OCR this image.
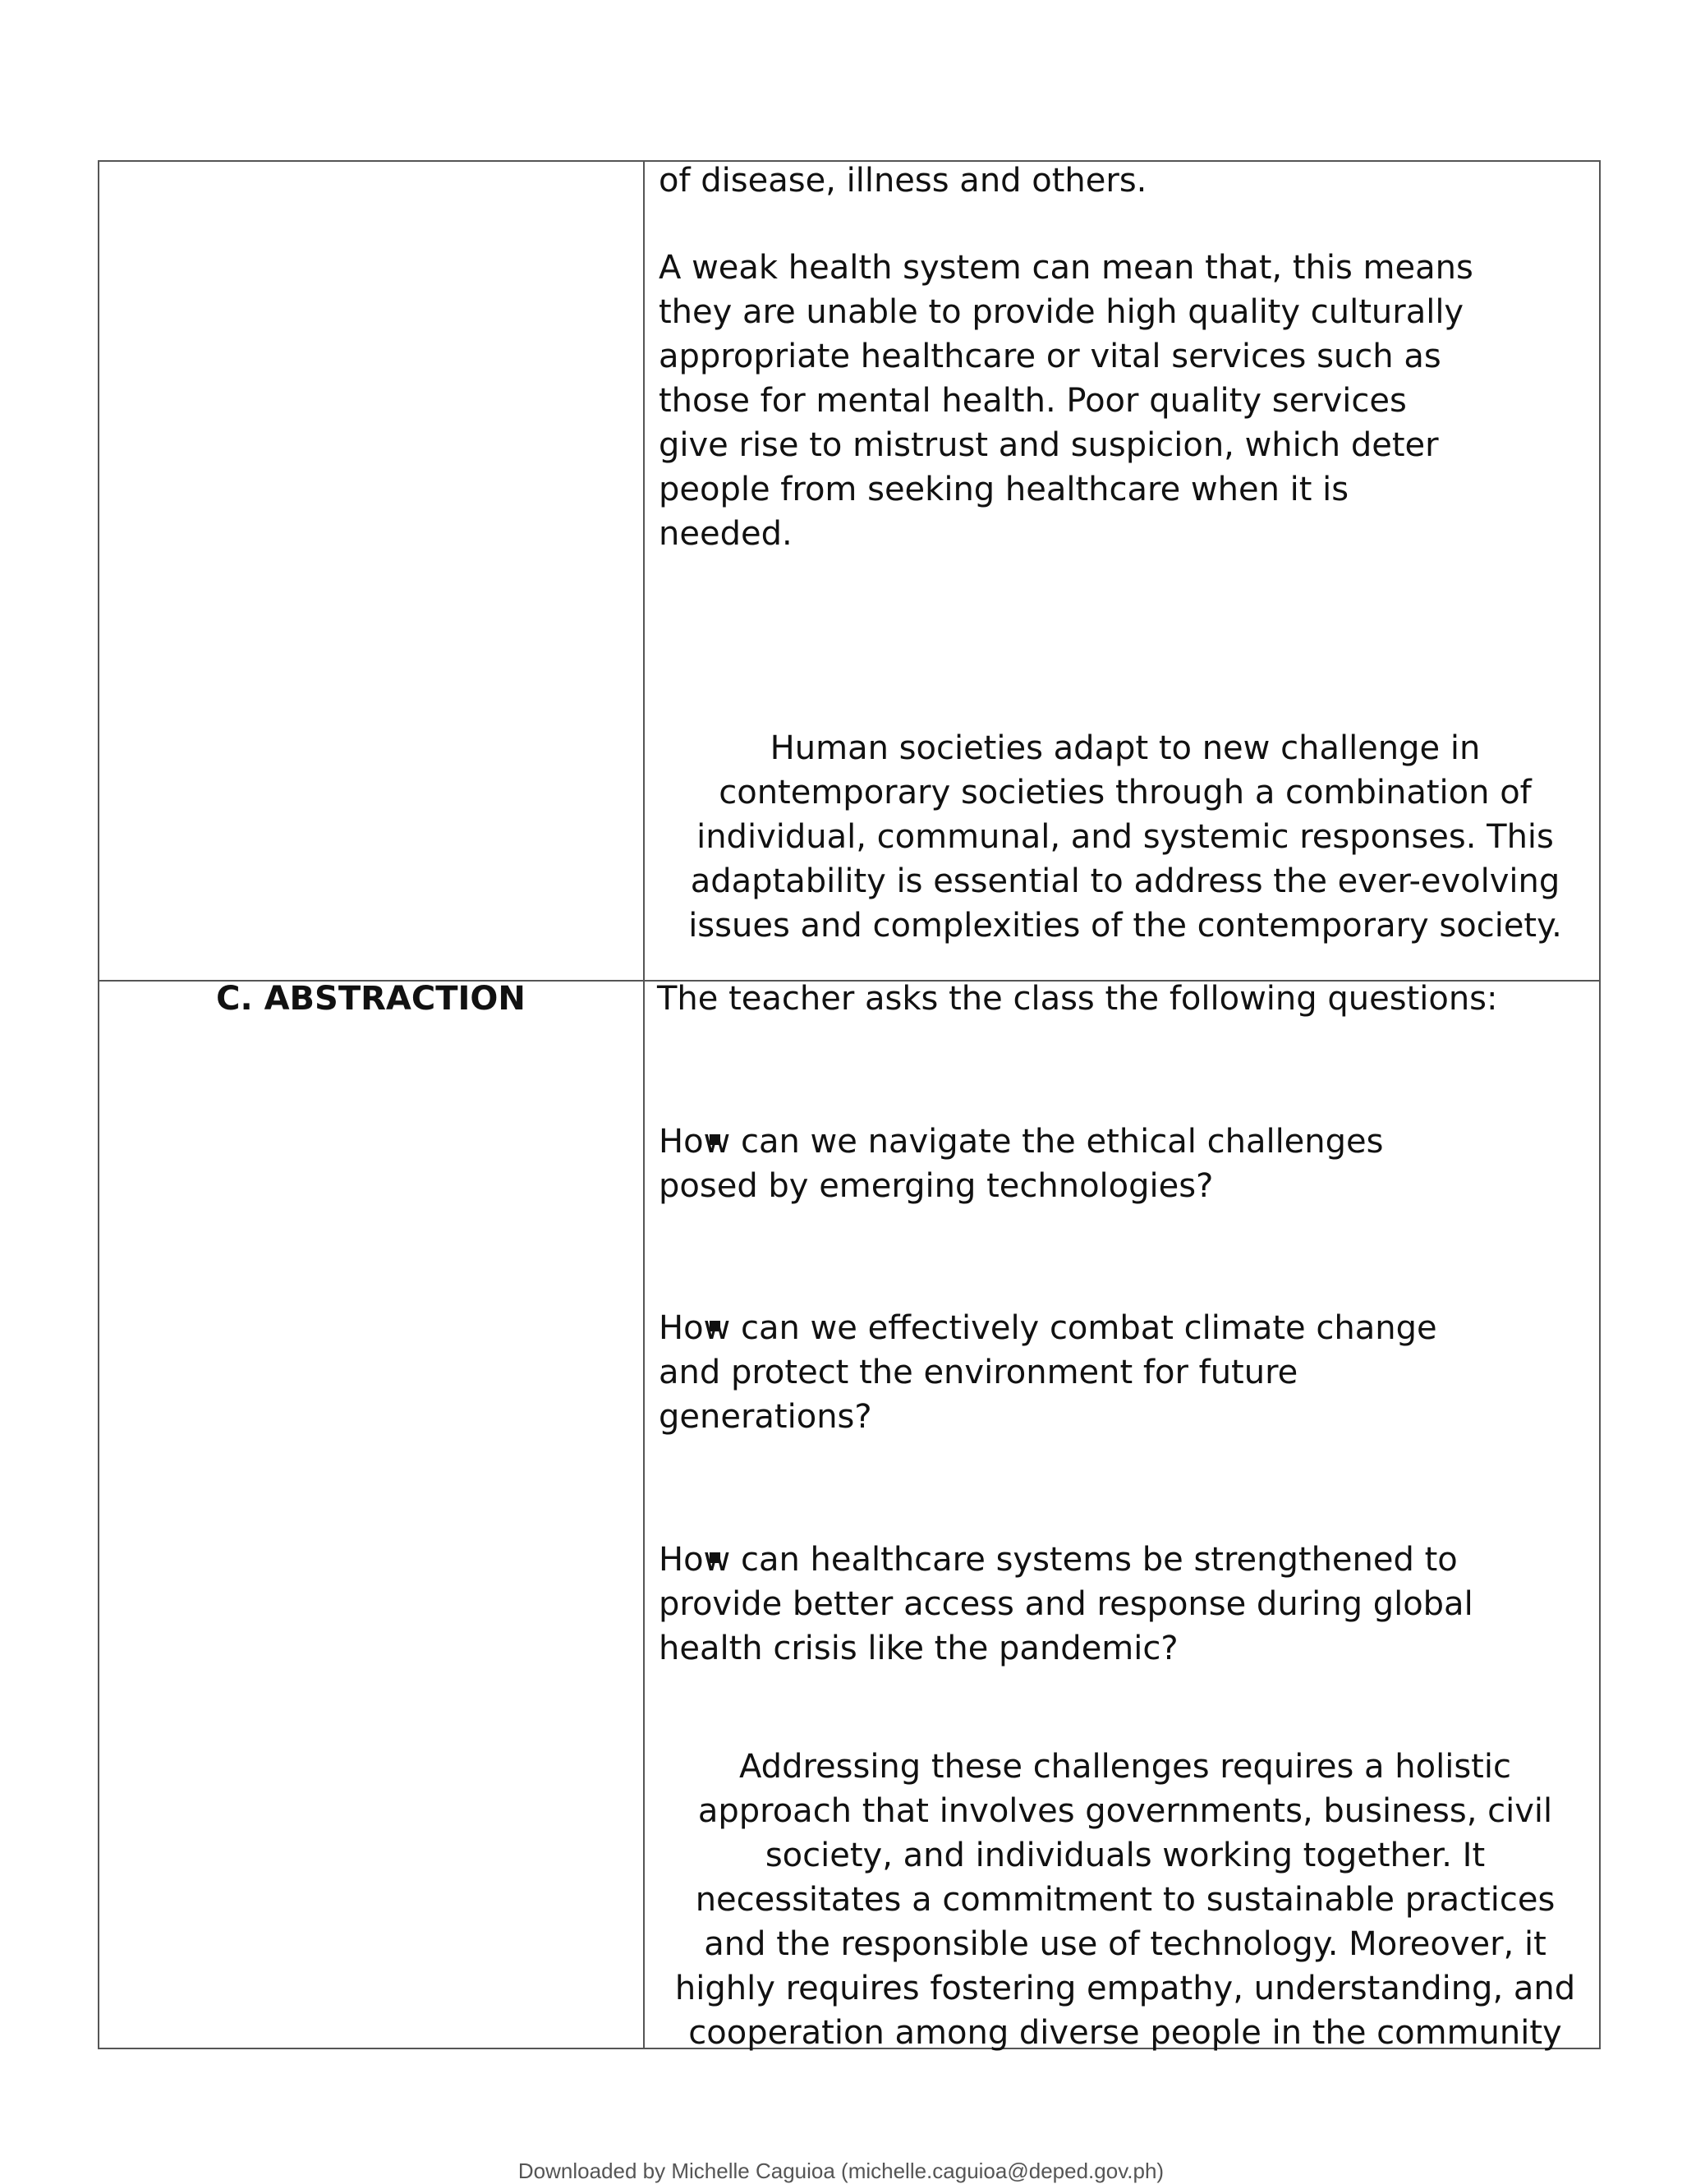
of disease, illness and others.
A weak health system can mean that, this means
they are unable to provide high quality culturally
appropriate healthcare or vital services such as
those for mental health. Poor quality services
give rise to mistrust and suspicion, which deter
people from seeking healthcare when it is
needed.
Human societies adapt to new challenge in
contemporary societies through a combination of
individual, communal, and systemic responses. This
adaptability is essential to address the ever-evolving
issues and complexities of the contemporary society.
C. ABSTRACTION	The teacher asks the class the following questions:
How can we navigate the ethical challenges
posed by emerging technologies?
How can we effectively combat climate change
and protect the environment for future
generations?
How can healthcare systems be strengthened to
provide better access and response during global
health crisis like the pandemic?
Addressing these challenges requires a holistic
approach that involves governments, business, civil
society, and individuals working together. It
necessitates a commitment to sustainable practices
and the responsible use of technology. Moreover, it
highly requires fostering empathy, understanding, and
cooperation among diverse people in the community
Downloaded by Michelle Caguioa (michelle.caguioa@deped.gov.ph)
